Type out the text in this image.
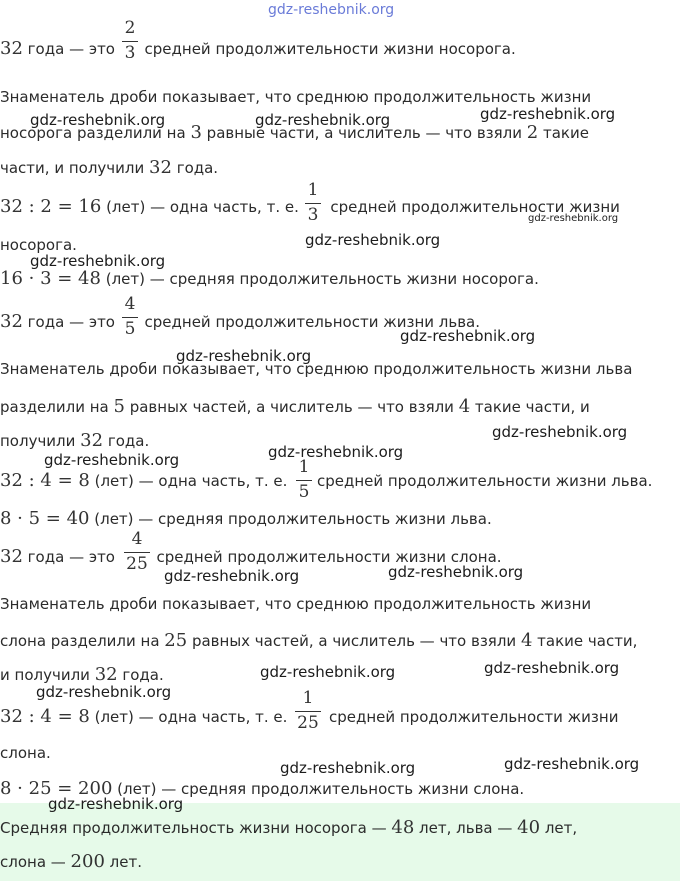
gdz-reshebnik.org
32 года — это  средней продолжительности жизни носорога.
2
3
Знаменатель дроби показывает, что среднюю продолжительность жизни
носорога разделили на 3 равные части, а числитель — что взяли 2 такие
части, и получили 32 года.
32 : 2 = 16 (лет) — одна часть, т. е.  средней продолжительности жизни
1
3
носорога.
16 · 3 = 48 (лет) — средняя продолжительность жизни носорога.
32 года — это  средней продолжительности жизни льва.
4
5
Знаменатель дроби показывает, что среднюю продолжительность жизни льва
разделили на 5 равных частей, а числитель — что взяли 4 такие части, и
получили 32 года.
32 : 4 = 8 (лет) — одна часть, т. е.  средней продолжительности жизни льва.
1
5
8 · 5 = 40 (лет) — средняя продолжительность жизни льва.
32 года — это  средней продолжительности жизни слона.
4
25
Знаменатель дроби показывает, что среднюю продолжительность жизни
слона разделили на 25 равных частей, а числитель — что взяли 4 такие части,
и получили 32 года.
32 : 4 = 8 (лет) — одна часть, т. е.  средней продолжительности жизни
1
25
слона.
8 · 25 = 200 (лет) — средняя продолжительность жизни слона.
Средняя продолжительность жизни носорога — 48 лет, льва — 40 лет,
слона — 200 лет.
gdz-reshebnik.org	gdz-reshebnik.org	gdz-reshebnik.org
gdz-reshebnik.org
gdz-reshebnik.org
gdz-reshebnik.org
gdz-reshebnik.org
gdz-reshebnik.org
gdz-reshebnik.org
gdz-reshebnik.org
gdz-reshebnik.org
gdz-reshebnik.org
gdz-reshebnik.org
gdz-reshebnik.org	gdz-reshebnik.org
gdz-reshebnik.org
gdz-reshebnik.org	gdz-reshebnik.org
gdz-reshebnik.org
